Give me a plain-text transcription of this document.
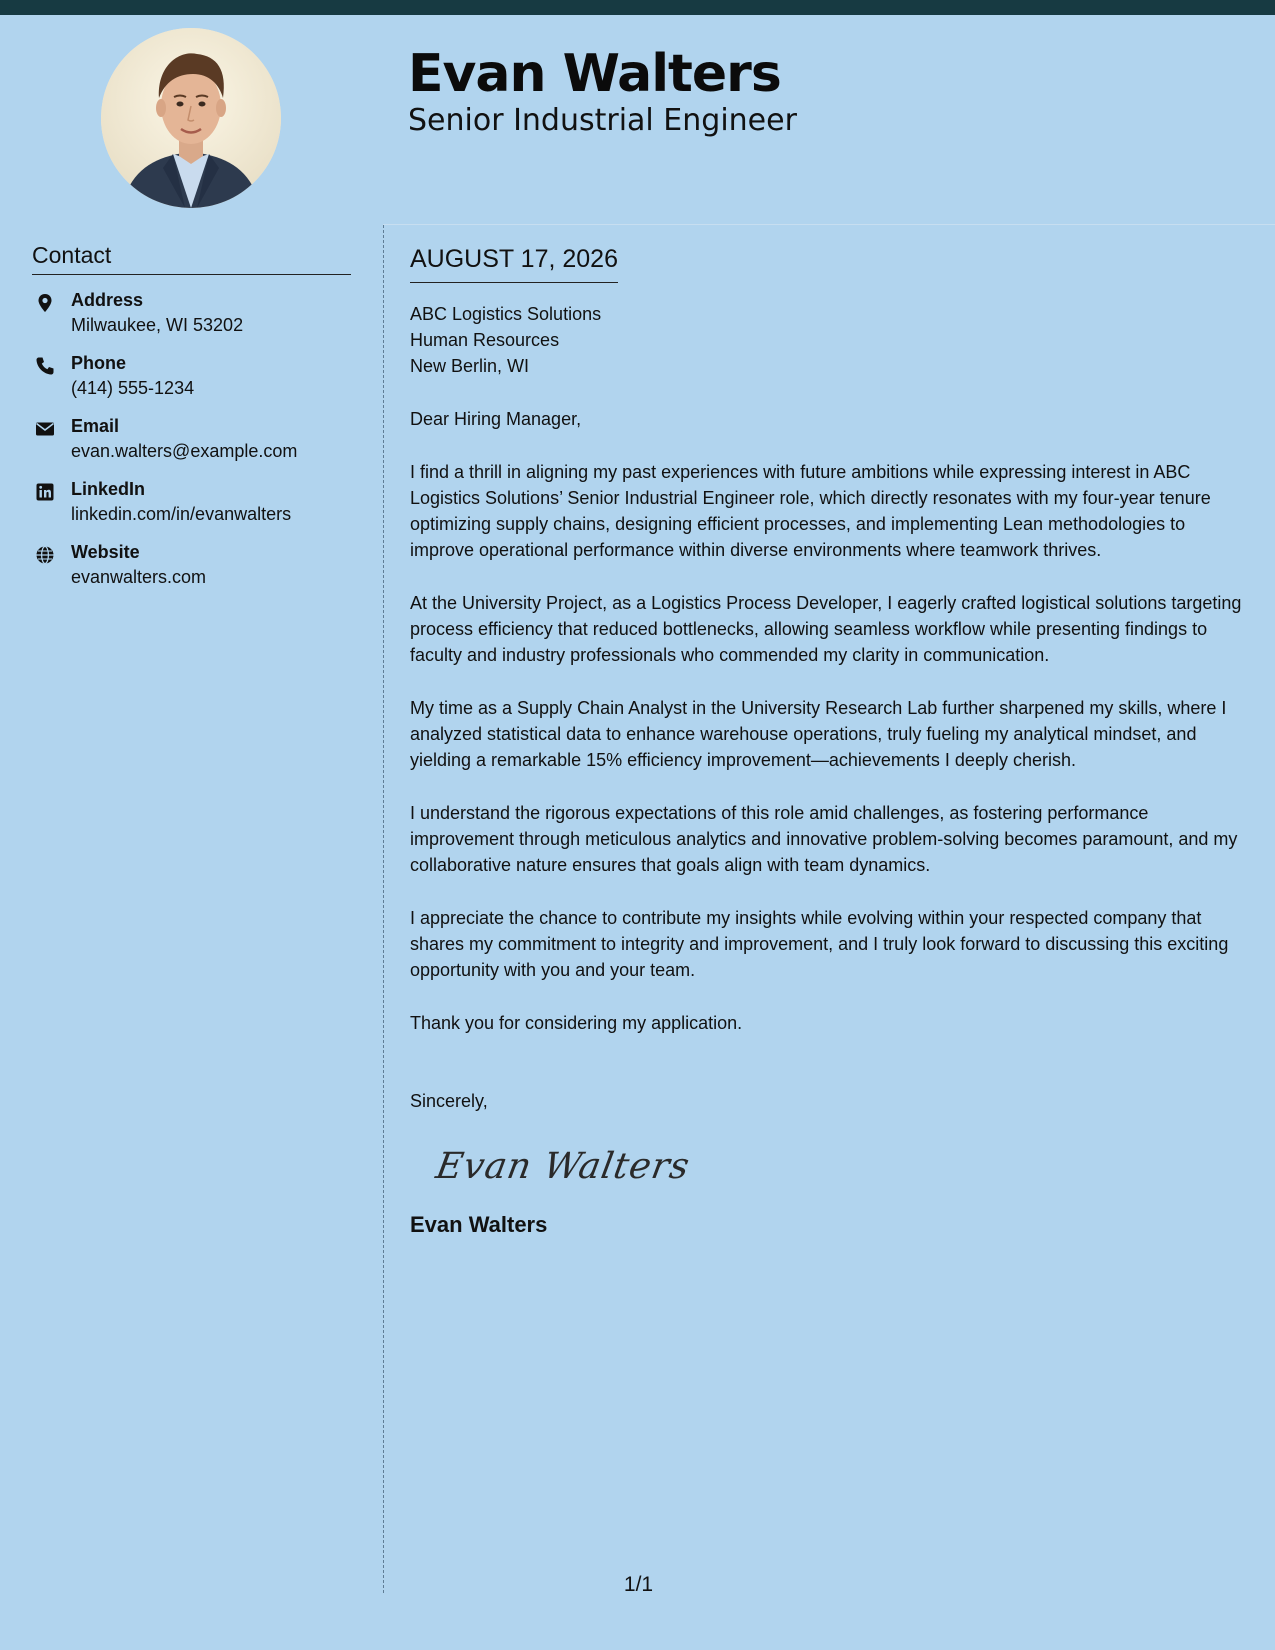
Evan Walters
Senior Industrial Engineer
Contact
Address
Milwaukee, WI 53202
Phone
(414) 555-1234
Email
evan.walters@example.com
LinkedIn
linkedin.com/in/evanwalters
Website
evanwalters.com
AUGUST 17, 2026
ABC Logistics Solutions
Human Resources
New Berlin, WI
Dear Hiring Manager,

I find a thrill in aligning my past experiences with future ambitions while expressing interest in ABC Logistics Solutions’ Senior Industrial Engineer role, which directly resonates with my four-year tenure optimizing supply chains, designing efficient processes, and implementing Lean methodologies to improve operational performance within diverse environments where teamwork thrives.

At the University Project, as a Logistics Process Developer, I eagerly crafted logistical solutions targeting process efficiency that reduced bottlenecks, allowing seamless workflow while presenting findings to faculty and industry professionals who commended my clarity in communication.

My time as a Supply Chain Analyst in the University Research Lab further sharpened my skills, where I analyzed statistical data to enhance warehouse operations, truly fueling my analytical mindset, and yielding a remarkable 15% efficiency improvement—achievements I deeply cherish.

I understand the rigorous expectations of this role amid challenges, as fostering performance improvement through meticulous analytics and innovative problem-solving becomes paramount, and my collaborative nature ensures that goals align with team dynamics.

I appreciate the chance to contribute my insights while evolving within your respected company that shares my commitment to integrity and improvement, and I truly look forward to discussing this exciting opportunity with you and your team.

Thank you for considering my application.
Sincerely,
Evan Walters
Evan Walters
1/1
